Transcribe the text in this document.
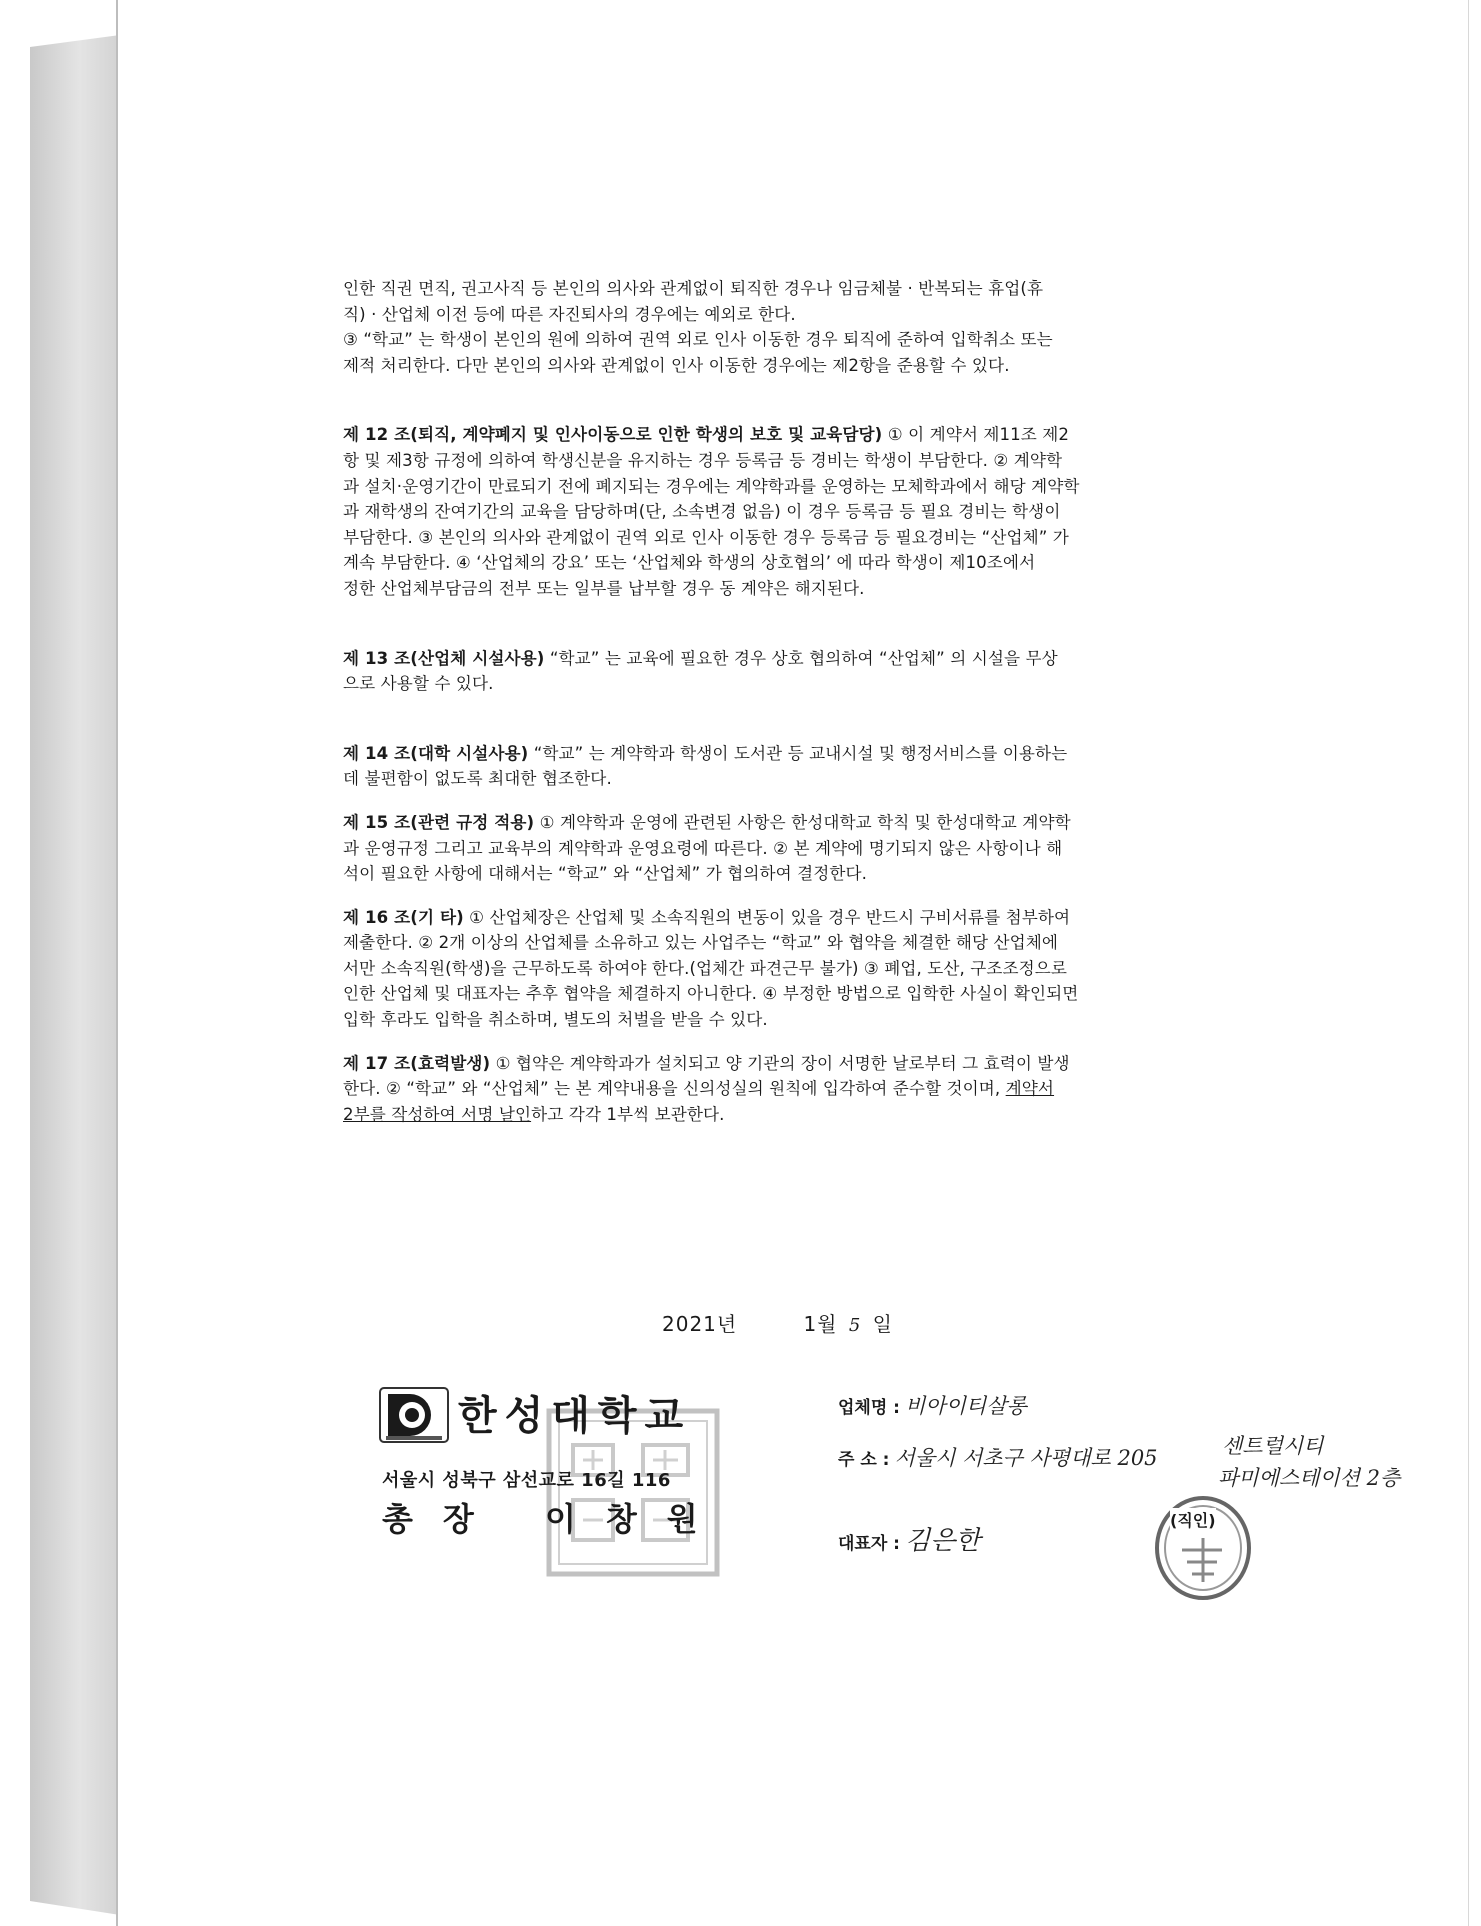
인한 직권 면직, 권고사직 등 본인의 의사와 관계없이 퇴직한 경우나 임금체불 · 반복되는 휴업(휴
직) · 산업체 이전 등에 따른 자진퇴사의 경우에는 예외로 한다.
③ “학교” 는 학생이 본인의 원에 의하여 권역 외로 인사 이동한 경우 퇴직에 준하여 입학취소 또는
제적 처리한다. 다만 본인의 의사와 관계없이 인사 이동한 경우에는 제2항을 준용할 수 있다.

제 12 조(퇴직, 계약폐지 및 인사이동으로 인한 학생의 보호 및 교육담당) ① 이 계약서 제11조 제2
항 및 제3항 규정에 의하여 학생신분을 유지하는 경우 등록금 등 경비는 학생이 부담한다. ② 계약학
과 설치·운영기간이 만료되기 전에 폐지되는 경우에는 계약학과를 운영하는 모체학과에서 해당 계약학
과 재학생의 잔여기간의 교육을 담당하며(단, 소속변경 없음) 이 경우 등록금 등 필요 경비는 학생이
부담한다. ③ 본인의 의사와 관계없이 권역 외로 인사 이동한 경우 등록금 등 필요경비는 “산업체” 가
계속 부담한다. ④ ‘산업체의 강요’ 또는 ‘산업체와 학생의 상호협의’ 에 따라 학생이 제10조에서
정한 산업체부담금의 전부 또는 일부를 납부할 경우 동 계약은 해지된다.

제 13 조(산업체 시설사용) “학교” 는 교육에 필요한 경우 상호 협의하여 “산업체” 의 시설을 무상
으로 사용할 수 있다.

제 14 조(대학 시설사용) “학교” 는 계약학과 학생이 도서관 등 교내시설 및 행정서비스를 이용하는
데 불편함이 없도록 최대한 협조한다.

제 15 조(관련 규정 적용) ① 계약학과 운영에 관련된 사항은 한성대학교 학칙 및 한성대학교 계약학
과 운영규정 그리고 교육부의 계약학과 운영요령에 따른다. ② 본 계약에 명기되지 않은 사항이나 해
석이 필요한 사항에 대해서는 “학교” 와 “산업체” 가 협의하여 결정한다.

제 16 조(기 타) ① 산업체장은 산업체 및 소속직원의 변동이 있을 경우 반드시 구비서류를 첨부하여
제출한다. ② 2개 이상의 산업체를 소유하고 있는 사업주는 “학교” 와 협약을 체결한 해당 산업체에
서만 소속직원(학생)을 근무하도록 하여야 한다.(업체간 파견근무 불가) ③ 폐업, 도산, 구조조정으로
인한 산업체 및 대표자는 추후 협약을 체결하지 아니한다. ④ 부정한 방법으로 입학한 사실이 확인되면
입학 후라도 입학을 취소하며, 별도의 처벌을 받을 수 있다.

제 17 조(효력발생) ① 협약은 계약학과가 설치되고 양 기관의 장이 서명한 날로부터 그 효력이 발생
한다. ② “학교” 와 “산업체” 는 본 계약내용을 신의성실의 원칙에 입각하여 준수할 것이며, 계약서
2부를 작성하여 서명 날인하고 각각 1부씩 보관한다.

2021년	1월 5 일
한성대학교
서울시 성북구 삼선교로 16길 116
총장 이창원
업체명 : 비아이티살롱
주 소 : 서울시 서초구 사평대로 205	센트럴시티
파미에스테이션 2층
대표자 : 김은한
(직인)
